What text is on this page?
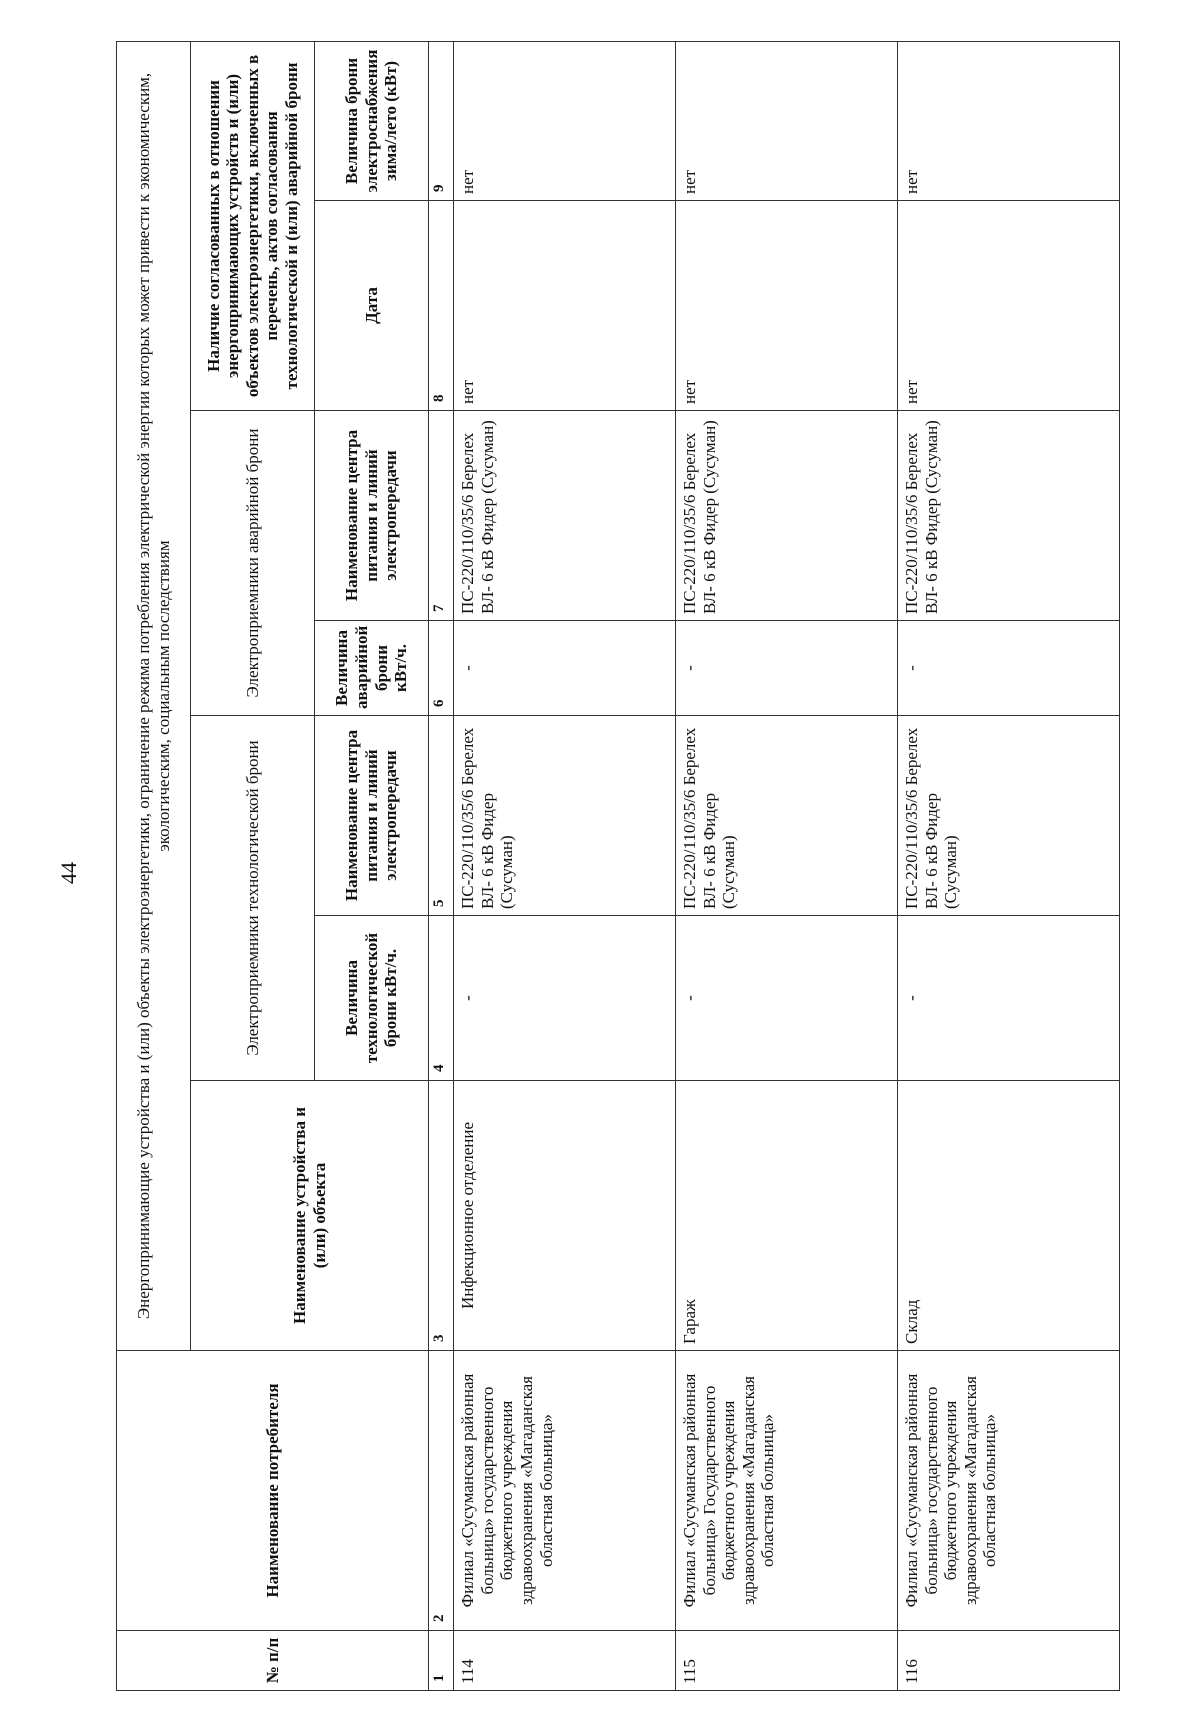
44
№ п/п	Наименование потребителя	Энергопринимающие устройства и (или) объекты электроэнергетики, ограничение режима потребления электрической энергии которых может привести к экономическим, экологическим, социальным последствиям						
		Наименование устройства и (или) объекта	Электроприемники технологической брони		Электроприемники аварийной брони		Наличие согласованных в отношении энергопринимающих устройств и (или) объектов электроэнергетики, включенных в перечень, актов согласования технологической и (или) аварийной брони	
			Величина технологической брони кВт/ч.	Наименование центра питания и линий электропередачи	Величина аварийной брони кВт/ч.	Наименование центра питания и линий электропередачи	Дата	Величина брони электроснабжения зима/лето (кВт)
1	2	3	4	5	6	7	8	9
114	Филиал «Сусуманская районная больница» государственного бюджетного учреждения здравоохранения «Магаданская областная больница»	Инфекционное отделение	-	ПС-220/110/35/6 Берелех ВЛ- 6 кВ Фидер (Сусуман)	-	ПС-220/110/35/6 Берелех ВЛ- 6 кВ Фидер (Сусуман)	нет	нет
115	Филиал «Сусуманская районная больница» Государственного бюджетного учреждения здравоохранения «Магаданская областная больница»	Гараж	-	ПС-220/110/35/6 Берелех ВЛ- 6 кВ Фидер (Сусуман)	-	ПС-220/110/35/6 Берелех ВЛ- 6 кВ Фидер (Сусуман)	нет	нет
116	Филиал «Сусуманская районная больница» государственного бюджетного учреждения здравоохранения «Магаданская областная больница»	Склад	-	ПС-220/110/35/6 Берелех ВЛ- 6 кВ Фидер (Сусуман)	-	ПС-220/110/35/6 Берелех ВЛ- 6 кВ Фидер (Сусуман)	нет	нет
